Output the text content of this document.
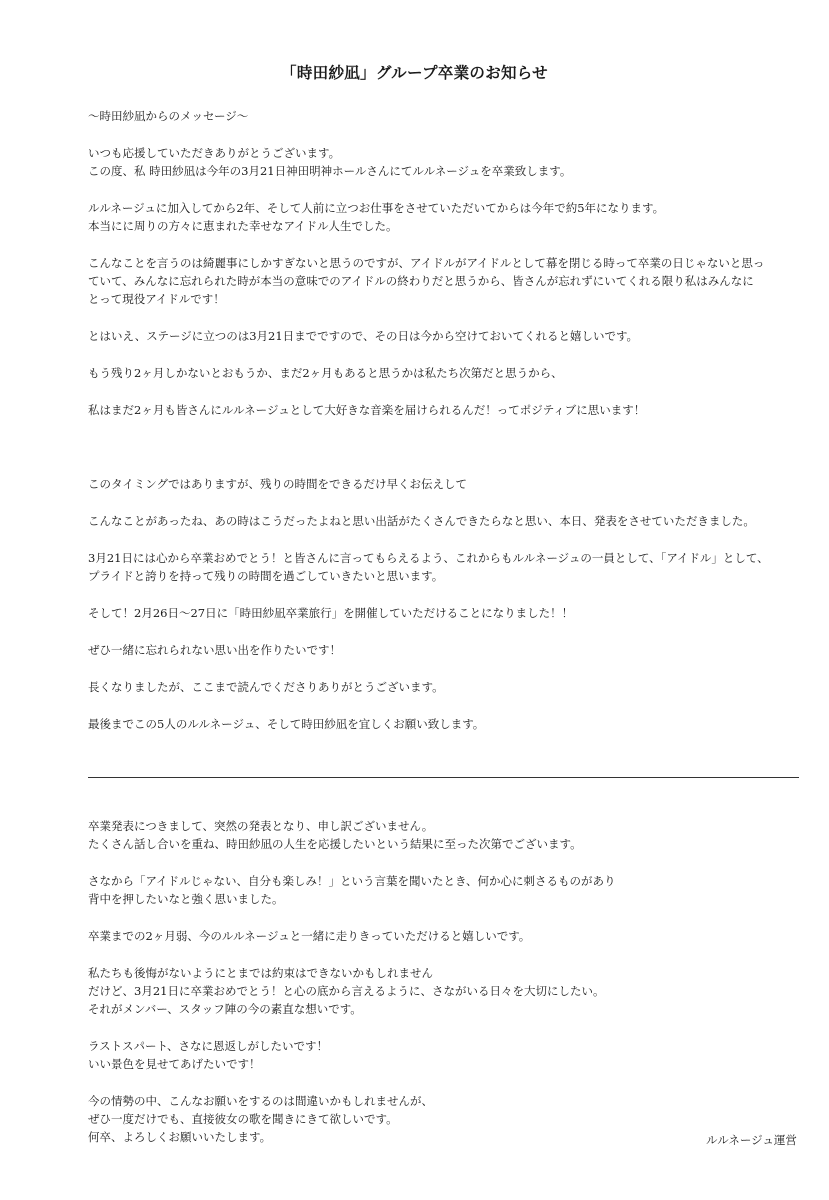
「時田紗凪」グループ卒業のお知らせ
〜時田紗凪からのメッセージ〜
いつも応援していただきありがとうございます。
この度、私 時田紗凪は今年の3月21日神田明神ホールさんにてルルネージュを卒業致します。
ルルネージュに加入してから2年、そして人前に立つお仕事をさせていただいてからは今年で約5年になります。
本当にに周りの方々に恵まれた幸せなアイドル人生でした。
こんなことを言うのは綺麗事にしかすぎないと思うのですが、アイドルがアイドルとして幕を閉じる時って卒業の日じゃないと思っ
ていて、みんなに忘れられた時が本当の意味でのアイドルの終わりだと思うから、皆さんが忘れずにいてくれる限り私はみんなに
とって現役アイドルです！
とはいえ、ステージに立つのは3月21日までですので、その日は今から空けておいてくれると嬉しいです。
もう残り2ヶ月しかないとおもうか、まだ2ヶ月もあると思うかは私たち次第だと思うから、
私はまだ2ヶ月も皆さんにルルネージュとして大好きな音楽を届けられるんだ！ってポジティブに思います！
このタイミングではありますが、残りの時間をできるだけ早くお伝えして
こんなことがあったね、あの時はこうだったよねと思い出話がたくさんできたらなと思い、本日、発表をさせていただきました。
3月21日には心から卒業おめでとう！と皆さんに言ってもらえるよう、これからもルルネージュの一員として、「アイドル」として、
プライドと誇りを持って残りの時間を過ごしていきたいと思います。
そして！2月26日〜27日に「時田紗凪卒業旅行」を開催していただけることになりました！！
ぜひ一緒に忘れられない思い出を作りたいです！
長くなりましたが、ここまで読んでくださりありがとうございます。
最後までこの5人のルルネージュ、そして時田紗凪を宜しくお願い致します。
卒業発表につきまして、突然の発表となり、申し訳ございません。
たくさん話し合いを重ね、時田紗凪の人生を応援したいという結果に至った次第でございます。
さなから「アイドルじゃない、自分も楽しみ！」という言葉を聞いたとき、何か心に刺さるものがあり
背中を押したいなと強く思いました。
卒業までの2ヶ月弱、今のルルネージュと一緒に走りきっていただけると嬉しいです。
私たちも後悔がないようにとまでは約束はできないかもしれません
だけど、3月21日に卒業おめでとう！と心の底から言えるように、さながいる日々を大切にしたい。
それがメンバー、スタッフ陣の今の素直な想いです。
ラストスパート、さなに恩返しがしたいです！
いい景色を見せてあげたいです！
今の情勢の中、こんなお願いをするのは間違いかもしれませんが、
ぜひ一度だけでも、直接彼女の歌を聞きにきて欲しいです。
何卒、よろしくお願いいたします。	ルルネージュ運営
